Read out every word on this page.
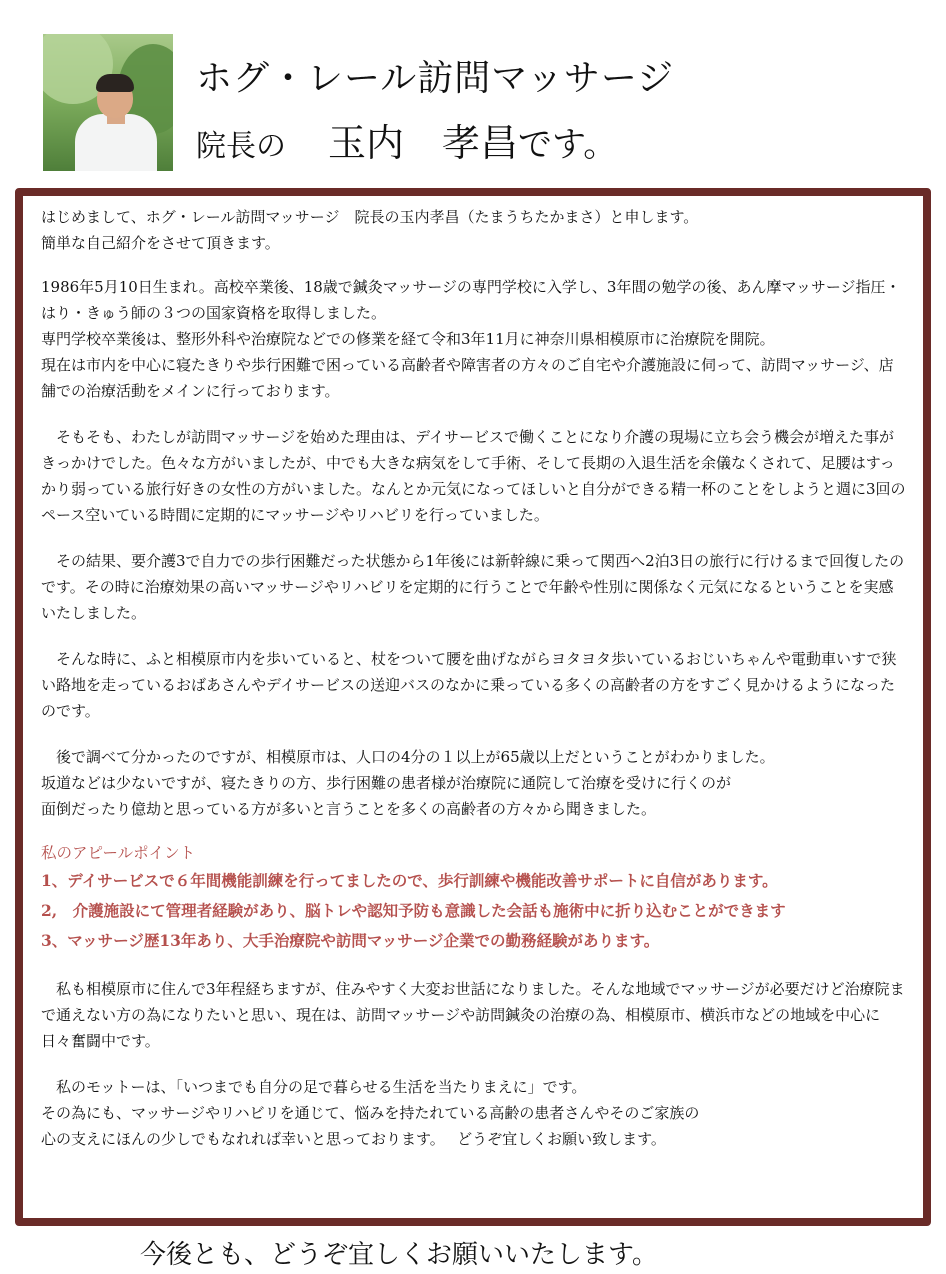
ホグ・レール訪問マッサージ
院長の 玉内　孝昌です。

はじめまして、ホグ・レール訪問マッサージ　院長の玉内孝昌（たまうちたかまさ）と申します。

簡単な自己紹介をさせて頂きます。

1986年5月10日生まれ。高校卒業後、18歳で鍼灸マッサージの専門学校に入学し、3年間の勉学の後、あん摩マッサージ指圧・はり・きゅう師の３つの国家資格を取得しました。

専門学校卒業後は、整形外科や治療院などでの修業を経て令和3年11月に神奈川県相模原市に治療院を開院。

現在は市内を中心に寝たきりや歩行困難で困っている高齢者や障害者の方々のご自宅や介護施設に伺って、訪問マッサージ、店舗での治療活動をメインに行っております。

　そもそも、わたしが訪問マッサージを始めた理由は、デイサービスで働くことになり介護の現場に立ち会う機会が増えた事がきっかけでした。色々な方がいましたが、中でも大きな病気をして手術、そして長期の入退生活を余儀なくされて、足腰はすっかり弱っている旅行好きの女性の方がいました。なんとか元気になってほしいと自分ができる精一杯のことをしようと週に3回のペース空いている時間に定期的にマッサージやリハビリを行っていました。

　その結果、要介護3で自力での歩行困難だった状態から1年後には新幹線に乗って関西へ2泊3日の旅行に行けるまで回復したのです。その時に治療効果の高いマッサージやリハビリを定期的に行うことで年齢や性別に関係なく元気になるということを実感いたしました。

　そんな時に、ふと相模原市内を歩いていると、杖をついて腰を曲げながらヨタヨタ歩いているおじいちゃんや電動車いすで狭い路地を走っているおばあさんやデイサービスの送迎バスのなかに乗っている多くの高齢者の方をすごく見かけるようになったのです。

　後で調べて分かったのですが、相模原市は、人口の4分の１以上が65歳以上だということがわかりました。

坂道などは少ないですが、寝たきりの方、歩行困難の患者様が治療院に通院して治療を受けに行くのが

面倒だったり億劫と思っている方が多いと言うことを多くの高齢者の方々から聞きました。

私のアピールポイント

1、デイサービスで６年間機能訓練を行ってましたので、歩行訓練や機能改善サポートに自信があります。

2,　介護施設にて管理者経験があり、脳トレや認知予防も意識した会話も施術中に折り込むことができます

3、マッサージ歴13年あり、大手治療院や訪問マッサージ企業での勤務経験があります。

　私も相模原市に住んで3年程経ちますが、住みやすく大変お世話になりました。そんな地域でマッサージが必要だけど治療院まで通えない方の為になりたいと思い、現在は、訪問マッサージや訪問鍼灸の治療の為、相模原市、横浜市などの地域を中心に日々奮闘中です。

　私のモットーは、「いつまでも自分の足で暮らせる生活を当たりまえに」です。

その為にも、マッサージやリハビリを通じて、悩みを持たれている高齢の患者さんやそのご家族の

心の支えにほんの少しでもなれれば幸いと思っております。　 どうぞ宜しくお願い致します。

今後とも、どうぞ宜しくお願いいたします。
